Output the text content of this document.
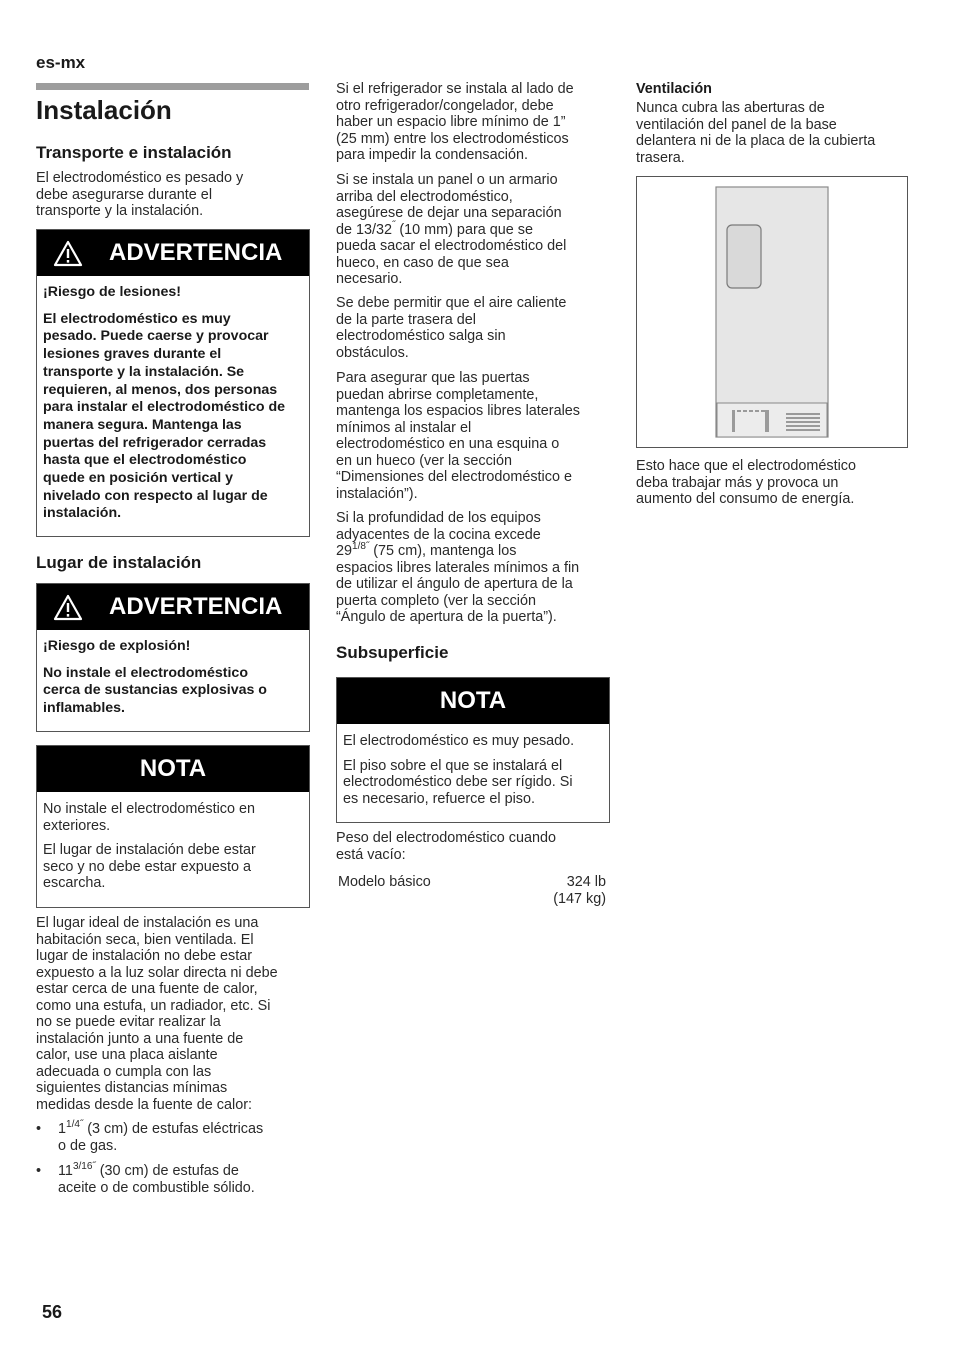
es-mx
Instalación
Transporte e instalación
El electrodoméstico es pesado y
debe asegurarse durante el
transporte y la instalación.
ADVERTENCIA

¡Riesgo de lesiones!

El electrodoméstico es muy
pesado. Puede caerse y provocar
lesiones graves durante el
transporte y la instalación. Se
requieren, al menos, dos personas
para instalar el electrodoméstico de
manera segura. Mantenga las
puertas del refrigerador cerradas
hasta que el electrodoméstico
quede en posición vertical y
nivelado con respecto al lugar de
instalación.
Lugar de instalación
ADVERTENCIA

¡Riesgo de explosión!

No instale el electrodoméstico
cerca de sustancias explosivas o
inflamables.
NOTA
No instale el electrodoméstico en
exteriores.
El lugar de instalación debe estar
seco y no debe estar expuesto a
escarcha.
El lugar ideal de instalación es una
habitación seca, bien ventilada. El
lugar de instalación no debe estar
expuesto a la luz solar directa ni debe
estar cerca de una fuente de calor,
como una estufa, un radiador, etc. Si
no se puede evitar realizar la
instalación junto a una fuente de
calor, use una placa aislante
adecuada o cumpla con las
siguientes distancias mínimas
medidas desde la fuente de calor:
• $1^{1/4˝}$ (3 cm) de estufas eléctricas
o de gas.
• $11^{3/16˝}$ (30 cm) de estufas de
aceite o de combustible sólido.
Si el refrigerador se instala al lado de
otro refrigerador/congelador, debe
haber un espacio libre mínimo de 1”
(25 mm) entre los electrodomésticos
para impedir la condensación.
Si se instala un panel o un armario
arriba del electrodoméstico,
asegúrese de dejar una separación
de 13/32˝ (10 mm) para que se
pueda sacar el electrodoméstico del
hueco, en caso de que sea
necesario.
Se debe permitir que el aire caliente
de la parte trasera del
electrodoméstico salga sin
obstáculos.
Para asegurar que las puertas
puedan abrirse completamente,
mantenga los espacios libres laterales
mínimos al instalar el
electrodoméstico en una esquina o
en un hueco (ver la sección
“Dimensiones del electrodoméstico e
instalación”).
Si la profundidad de los equipos
adyacentes de la cocina excede
$29^{1/8˝}$ (75 cm), mantenga los
espacios libres laterales mínimos a fin
de utilizar el ángulo de apertura de la
puerta completo (ver la sección
“Ángulo de apertura de la puerta”).
Subsuperficie
NOTA
El electrodoméstico es muy pesado.
El piso sobre el que se instalará el
electrodoméstico debe ser rígido. Si
es necesario, refuerce el piso.
Peso del electrodoméstico cuando
está vacío:
Modelo básico	324 lb
(147 kg)
Ventilación
Nunca cubra las aberturas de
ventilación del panel de la base
delantera ni de la placa de la cubierta
trasera.
Esto hace que el electrodoméstico
deba trabajar más y provoca un
aumento del consumo de energía.
56
